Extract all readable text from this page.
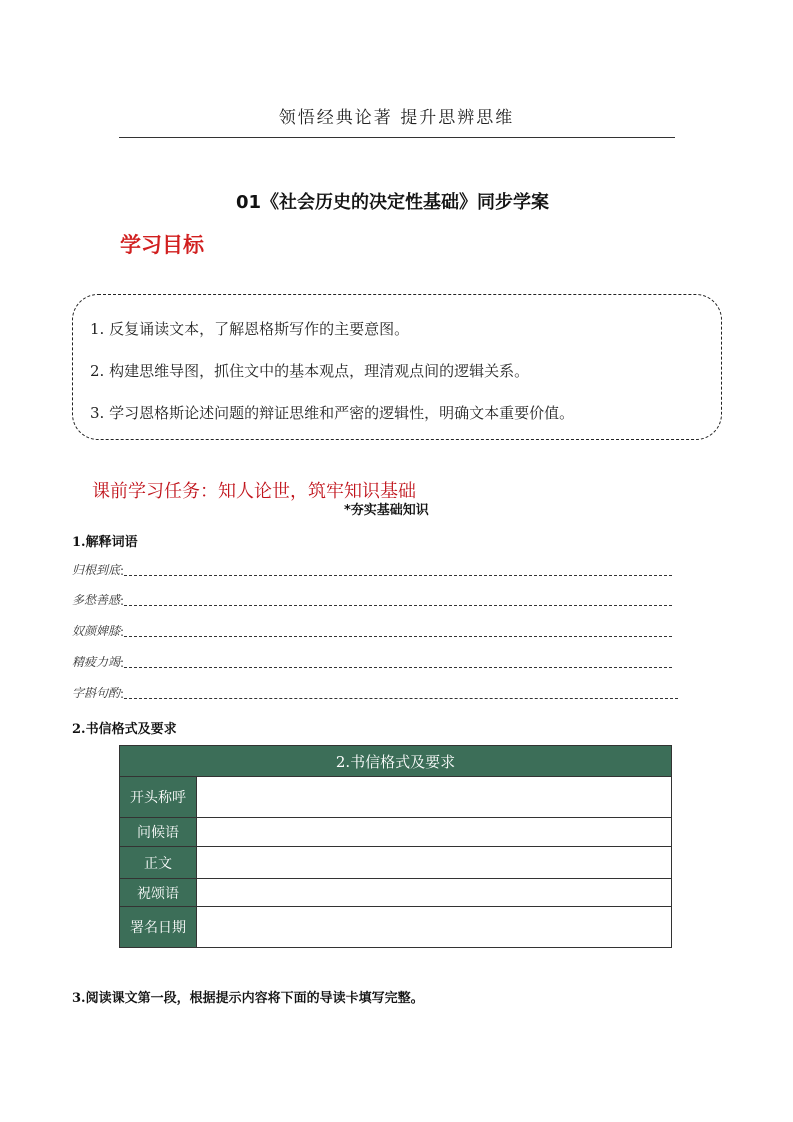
领悟经典论著 提升思辨思维
01《社会历史的决定性基础》同步学案
学习目标
1. 反复诵读文本，了解恩格斯写作的主要意图。
2. 构建思维导图，抓住文中的基本观点，理清观点间的逻辑关系。
3. 学习恩格斯论述问题的辩证思维和严密的逻辑性，明确文本重要价值。
课前学习任务：知人论世，筑牢知识基础
*夯实基础知识
1.解释词语
归根到底 :
多愁善感 :
奴颜婢膝 :
精疲力竭 :
字斟句酌 :
2.书信格式及要求
2.书信格式及要求	
开头称呼	
问候语	
正文	
祝颂语	
署名日期	
3.阅读课文第一段，根据提示内容将下面的导读卡填写完整。
